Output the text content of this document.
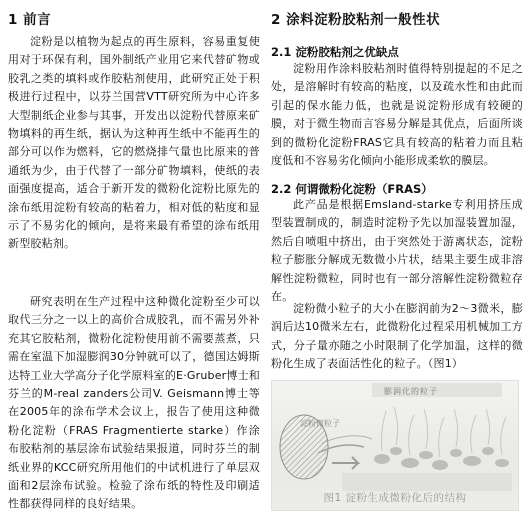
1 前言

淀粉是以植物为起点的再生原料，容易重复使用对于环保有利，国外制纸产业用它来代替矿物或胶乳之类的填料或作胶粘剂使用，此研究正处于积极进行过程中，以芬兰国营VTT研究所为中心许多大型制纸企业参与其事，开发出以淀粉代替原来矿物填料的再生纸，据认为这种再生纸中不能再生的部分可以作为燃料，它的燃烧排气量也比原来的普通纸为少，由于代替了一部分矿物填料，使纸的表面强度提高，适合于新开发的微粉化淀粉比原先的涂布纸用淀粉有较高的粘着力，相对低的粘度和显示了不易劣化的倾向，是将来最有希望的涂布纸用新型胶粘剂。

研究表明在生产过程中这种微化淀粉至少可以取代三分之一以上的高价合成胶乳，而不需另外补充其它胶粘剂，微粉化淀粉使用前不需要蒸煮，只需在室温下加湿膨润30分钟就可以了，德国达姆斯达特工业大学高分子化学原料室的E·Gruber博士和芬兰的M-real zanders公司V. Geismann博士等在2005年的涂布学术会议上，报告了使用这种微粉化淀粉（FRAS Fragmentierte starke）作涂布胶粘剂的基层涂布试验结果报道，同时芬兰的制纸业界的KCC研究所用他们的中试机进行了单层双面和2层涂布试验。检验了涂布纸的特性及印刷适性都获得同样的良好结果。

2 涂料淀粉胶粘剂一般性状
2.1 淀粉胶粘剂之优缺点

淀粉用作涂料胶粘剂时值得特别提起的不足之处，是溶解时有较高的粘度，以及疏水性和由此而引起的保水能力低，也就是说淀粉形成有较硬的膜，对于微生物而言容易分解是其优点，后面所谈到的微粉化淀粉FRAS它具有较高的粘着力而且粘度低和不容易劣化倾向小能形成柔软的膜层。

2.2 何谓微粉化淀粉（FRAS）

此产品是根据Emsland-starke专利用挤压成型装置制成的，制造时淀粉予先以加湿装置加湿，然后自喷咀中挤出，由于突然处于游离状态，淀粉粒子膨胀分解成无数微小片状，结果主要生成非溶解性淀粉微粒，同时也有一部分溶解性淀粉微粒存在。

淀粉微小粒子的大小在膨润前为2～3微米，膨润后达10微米左右，此微粉化过程采用机械加工方式，分子量亦随之小时限制了化学加温，这样的微粉化生成了表面活性化的粒子。（图1）

膨润化的粒子
淀粉微粒子
图1 淀粉生成微粉化后的结构
